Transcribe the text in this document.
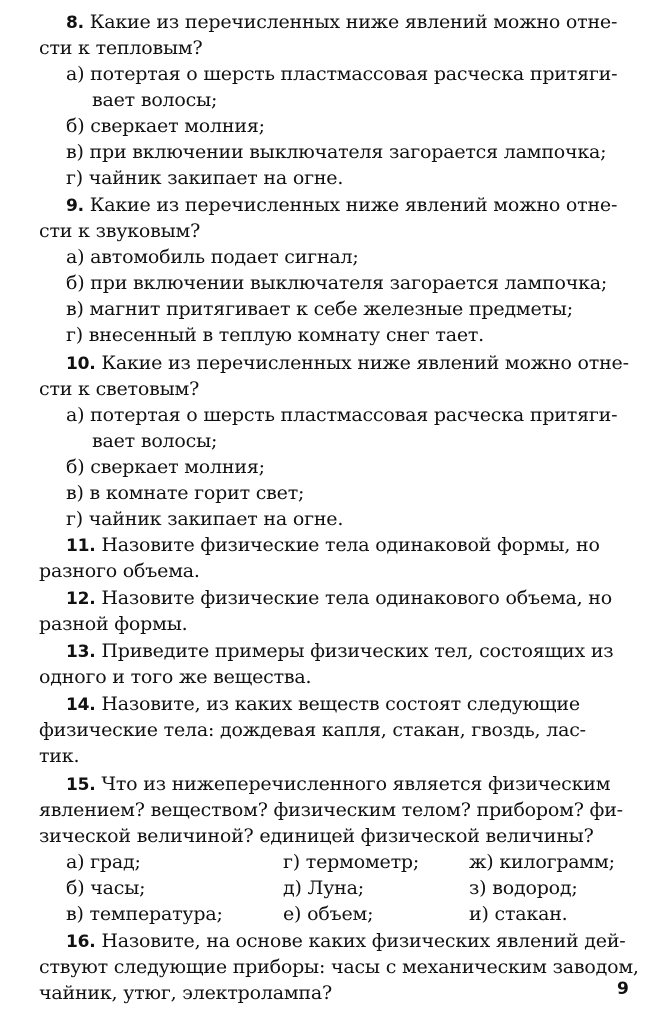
8. Какие из перечисленных ниже явлений можно отне-
сти к тепловым?
а) потертая о шерсть пластмассовая расческа притяги-
вает волосы;
б) сверкает молния;
в) при включении выключателя загорается лампочка;
г) чайник закипает на огне.
9. Какие из перечисленных ниже явлений можно отне-
сти к звуковым?
а) автомобиль подает сигнал;
б) при включении выключателя загорается лампочка;
в) магнит притягивает к себе железные предметы;
г) внесенный в теплую комнату снег тает.
10. Какие из перечисленных ниже явлений можно отне-
сти к световым?
а) потертая о шерсть пластмассовая расческа притяги-
вает волосы;
б) сверкает молния;
в) в комнате горит свет;
г) чайник закипает на огне.
11. Назовите физические тела одинаковой формы, но
разного объема.
12. Назовите физические тела одинакового объема, но
разной формы.
13. Приведите примеры физических тел, состоящих из
одного и того же вещества.
14. Назовите, из каких веществ состоят следующие
физические тела: дождевая капля, стакан, гвоздь, лас-
тик.
15. Что из нижеперечисленного является физическим
явлением? веществом? физическим телом? прибором? фи-
зической величиной? единицей физической величины?
а) град;	г) термометр;	ж) килограмм;
б) часы;	д) Луна;	з) водород;
в) температура;	е) объем;	и) стакан.
16. Назовите, на основе каких физических явлений дей-
ствуют следующие приборы: часы с механическим заводом,
чайник, утюг, электролампа?	9
